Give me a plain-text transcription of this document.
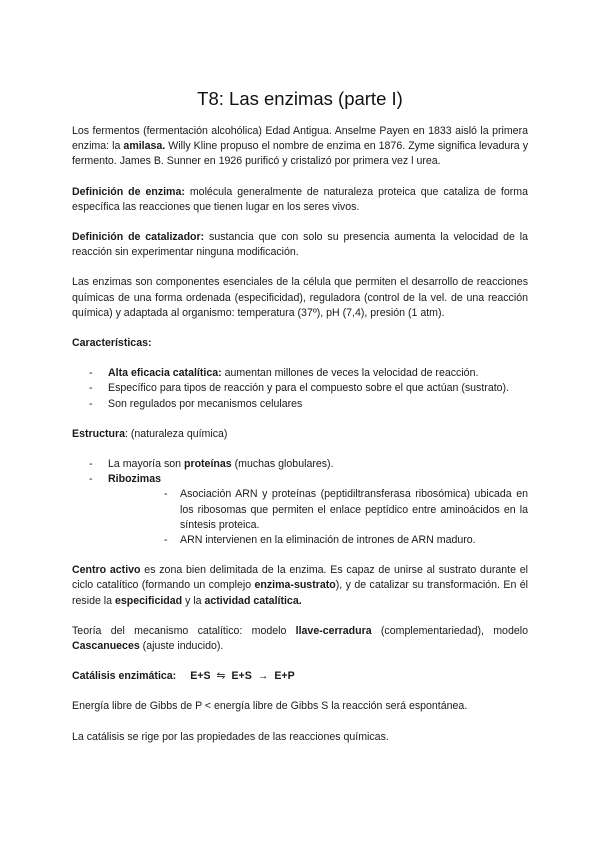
T8: Las enzimas (parte I)

Los fermentos (fermentación alcohólica) Edad Antigua. Anselme Payen en 1833 aisló la primera enzima: la amilasa. Willy Kline propuso el nombre de enzima en 1876. Zyme significa levadura y fermento. James B. Sunner en 1926 purificó y cristalizó por primera vez l urea.

Definición de enzima: molécula generalmente de naturaleza proteica que cataliza de forma específica las reacciones que tienen lugar en los seres vivos.

Definición de catalizador: sustancia que con solo su presencia aumenta la velocidad de la reacción sin experimentar ninguna modificación.

Las enzimas son componentes esenciales de la célula que permiten el desarrollo de reacciones químicas de una forma ordenada (especificidad), reguladora (control de la vel. de una reacción química) y adaptada al organismo: temperatura (37º), pH (7,4), presión (1 atm).

Características:

- Alta eficacia catalítica: aumentan millones de veces la velocidad de reacción.
- Específico para tipos de reacción y para el compuesto sobre el que actúan (sustrato).
- Son regulados por mecanismos celulares

Estructura: (naturaleza química)

- La mayoría son proteínas (muchas globulares).
- Ribozimas
- Asociación ARN y proteínas (peptidiltransferasa ribosómica) ubicada en los ribosomas que permiten el enlace peptídico entre aminoácidos en la síntesis proteica.
- ARN intervienen en la eliminación de intrones de ARN maduro.

Centro activo es zona bien delimitada de la enzima. Es capaz de unirse al sustrato durante el ciclo catalítico (formando un complejo enzima-sustrato), y de catalizar su transformación. En él reside la especificidad y la actividad catalítica.

Teoría del mecanismo catalítico: modelo llave-cerradura (complementariedad), modelo Cascanueces (ajuste inducido).

Catálisis enzimática: E+S ⇋ E+S → E+P

Energía libre de Gibbs de P < energía libre de Gibbs S la reacción será espontánea.

La catálisis se rige por las propiedades de las reacciones químicas.
